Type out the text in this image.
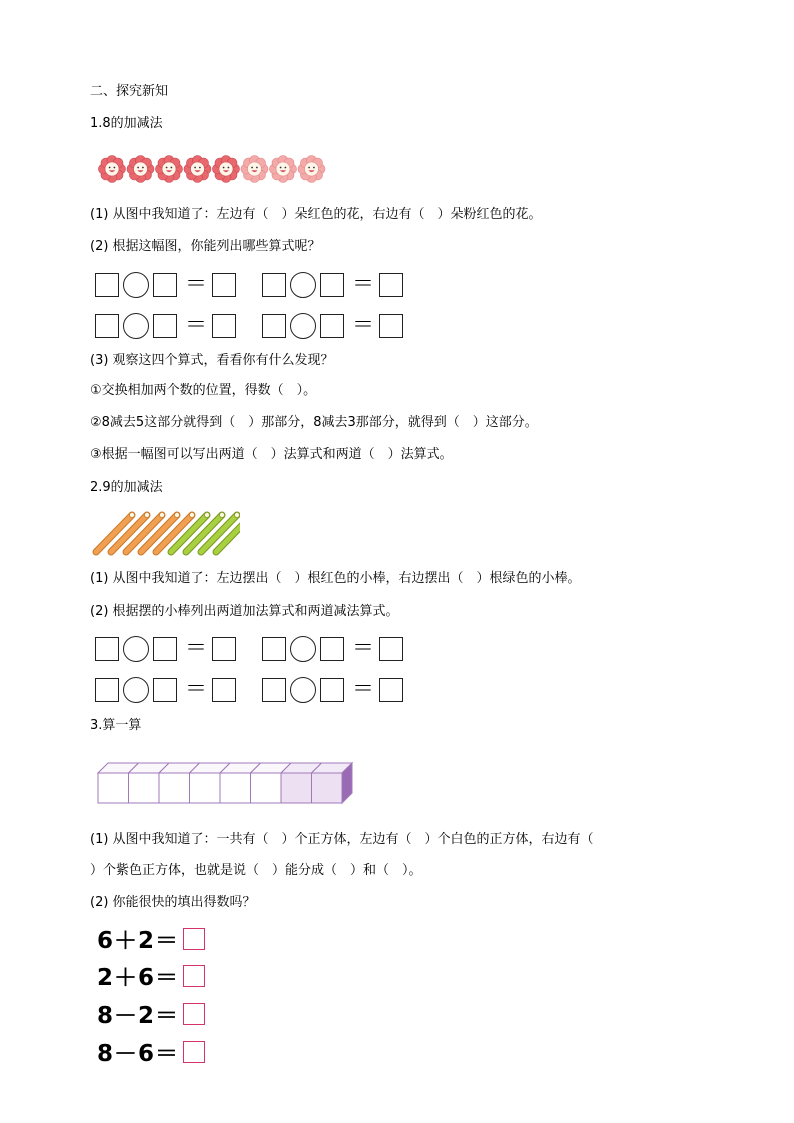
二、探究新知
1.8的加减法
(1) 从图中我知道了：左边有（　）朵红色的花，右边有（　）朵粉红色的花。
(2) 根据这幅图，你能列出哪些算式呢？
＝	＝
＝	＝
(3) 观察这四个算式，看看你有什么发现？
①交换相加两个数的位置，得数（　）。
②8减去5这部分就得到（　）那部分，8减去3那部分，就得到（　）这部分。
③根据一幅图可以写出两道（　）法算式和两道（　）法算式。
2.9的加减法
(1) 从图中我知道了：左边摆出（　）根红色的小棒，右边摆出（　）根绿色的小棒。
(2) 根据摆的小棒列出两道加法算式和两道减法算式。
＝	＝
＝	＝
3.算一算
(1) 从图中我知道了：一共有（　）个正方体，左边有（　）个白色的正方体，右边有（
）个紫色正方体，也就是说（　）能分成（　）和（　）。
(2) 你能很快的填出得数吗？
6＋2＝
2＋6＝
8－2＝
8－6＝
